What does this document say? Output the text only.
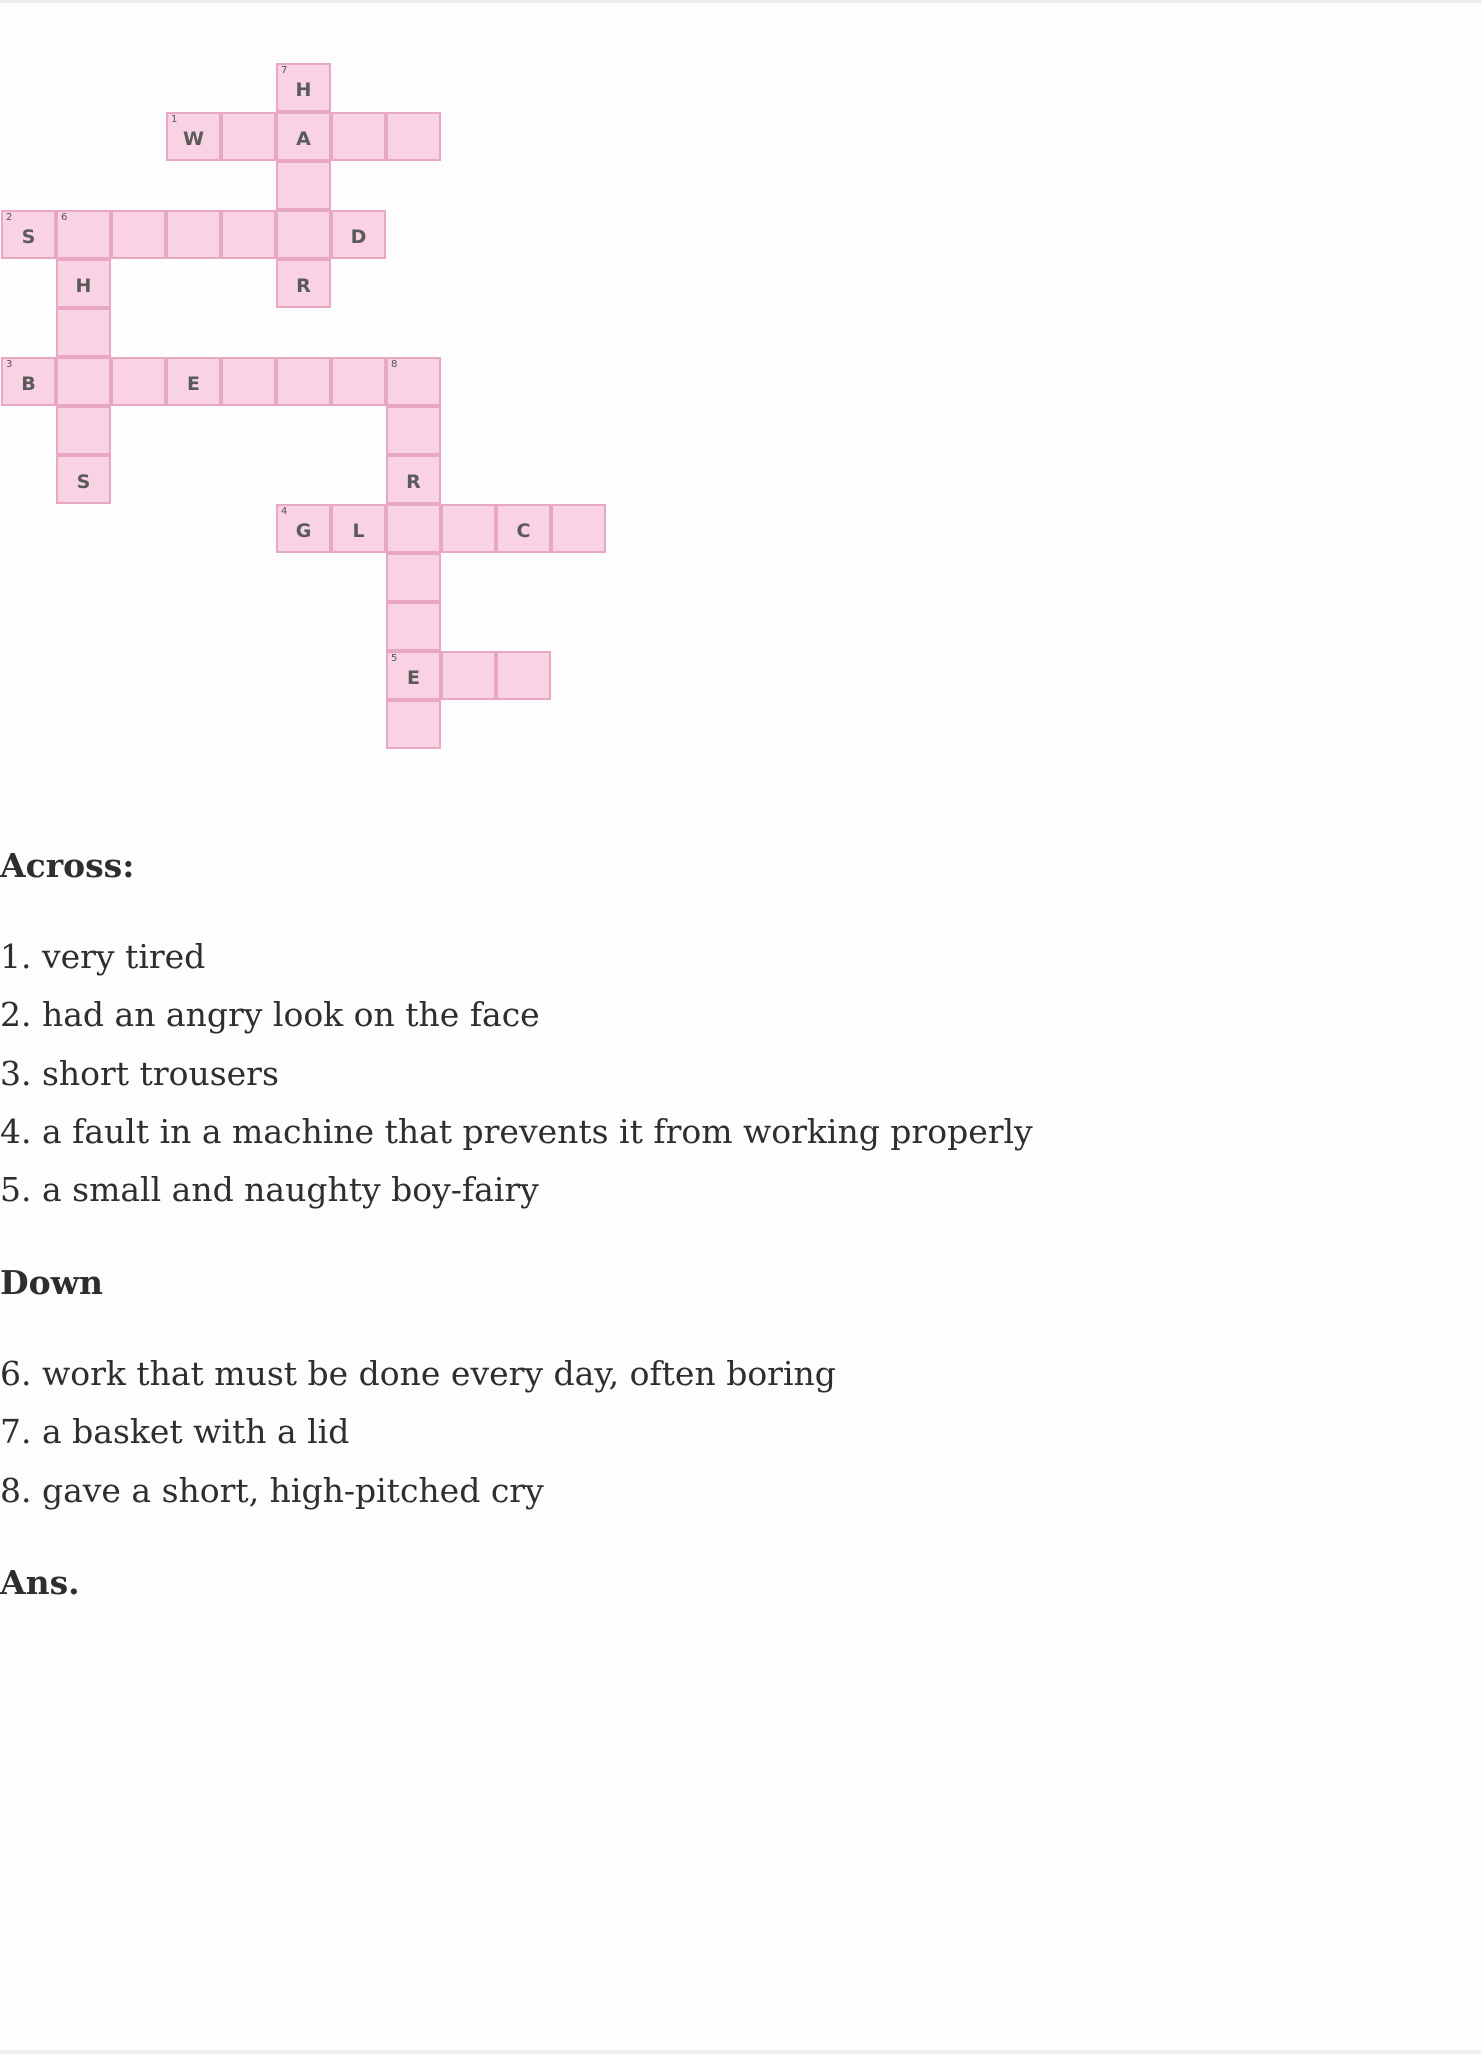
7
H
1
W	A
2
S
6
D
H	R
3
B	E
8
S	R
4
G	L	C
5
E
Across:
1. very tired
2. had an angry look on the face
3. short trousers
4. a fault in a machine that prevents it from working properly
5. a small and naughty boy-fairy
Down
6. work that must be done every day, often boring
7. a basket with a lid
8. gave a short, high-pitched cry
Ans.
